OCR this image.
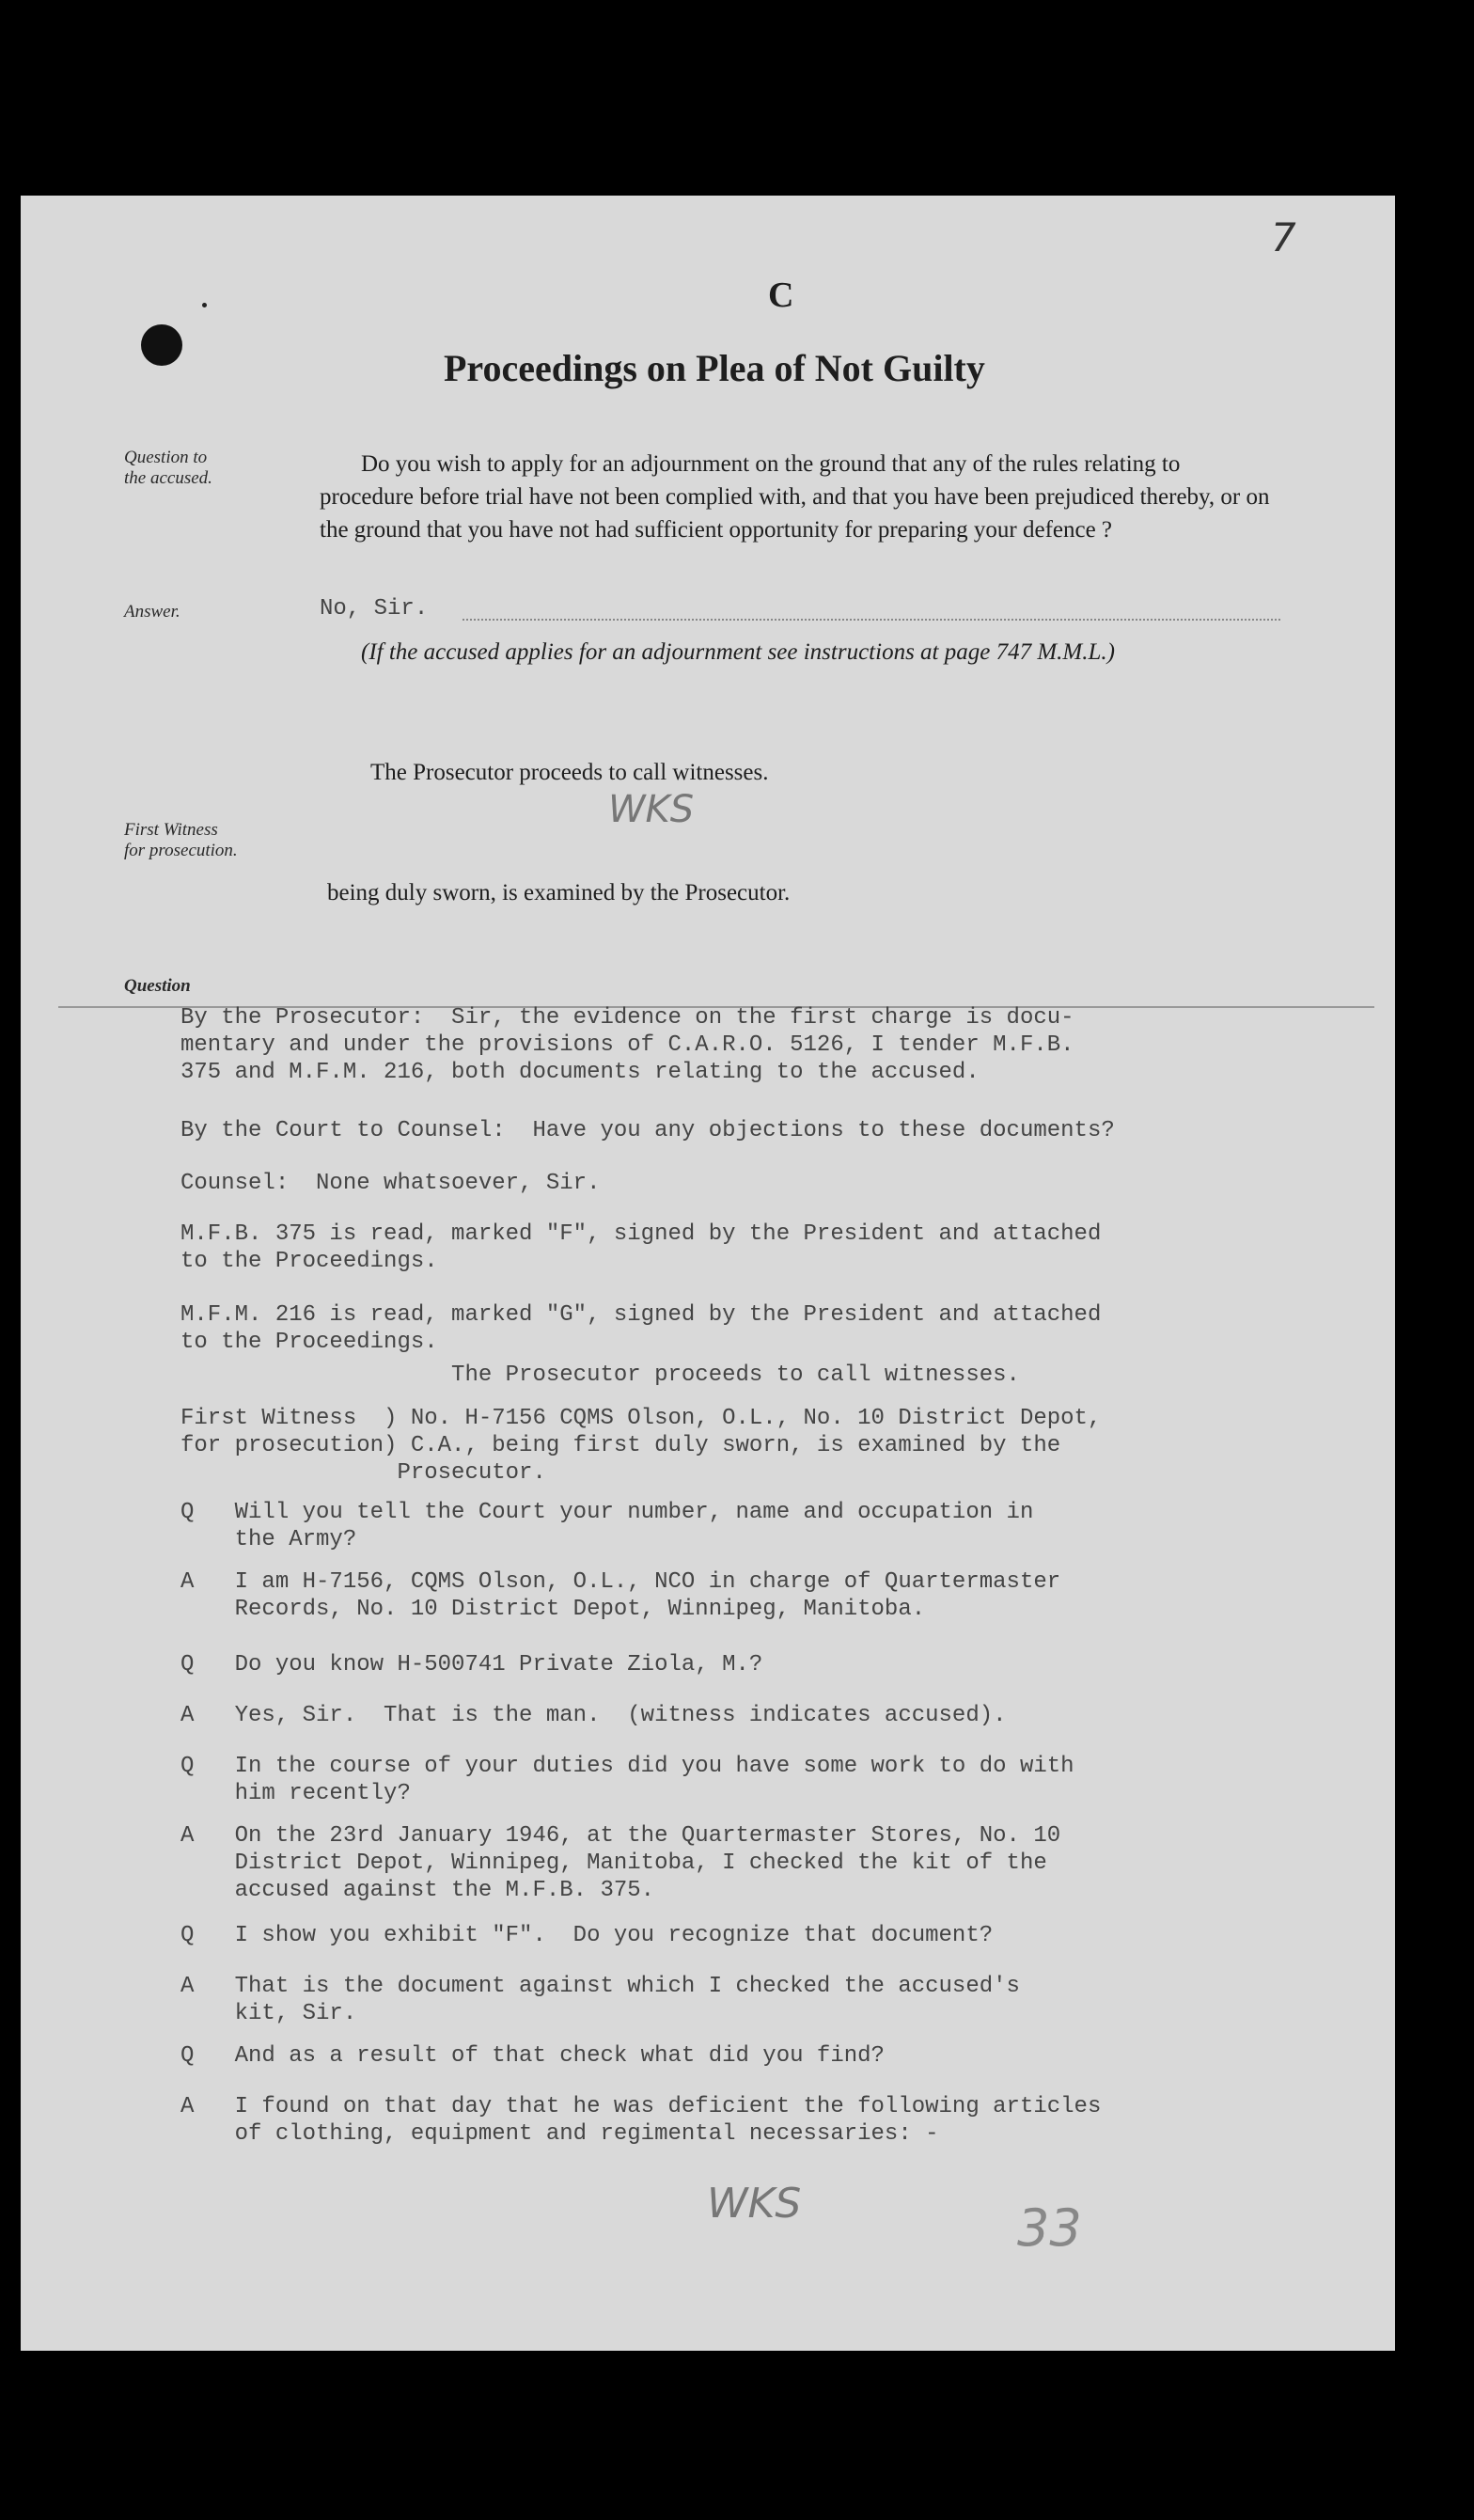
7
C
Proceedings on Plea of Not Guilty
Question to
the accused.
Answer.
First Witness
for prosecution.
Question
Do you wish to apply for an adjournment on the ground that any of the rules relating to procedure before trial have not been complied with, and that you have been prejudiced thereby, or on the ground that you have not had sufficient opportunity for preparing your defence ?
No, Sir.
(If the accused applies for an adjournment see instructions at page 747 M.M.L.)
The Prosecutor proceeds to call witnesses.
WKS
being duly sworn, is examined by the Prosecutor.
By the Prosecutor:  Sir, the evidence on the first charge is docu-
mentary and under the provisions of C.A.R.O. 5126, I tender M.F.B.
375 and M.F.M. 216, both documents relating to the accused.
By the Court to Counsel:  Have you any objections to these documents?
Counsel:  None whatsoever, Sir.
M.F.B. 375 is read, marked "F", signed by the President and attached
to the Proceedings.
M.F.M. 216 is read, marked "G", signed by the President and attached
to the Proceedings.
The Prosecutor proceeds to call witnesses.
First Witness  ) No. H-7156 CQMS Olson, O.L., No. 10 District Depot,
for prosecution) C.A., being first duly sworn, is examined by the
Prosecutor.
Q   Will you tell the Court your number, name and occupation in
the Army?
A   I am H-7156, CQMS Olson, O.L., NCO in charge of Quartermaster
Records, No. 10 District Depot, Winnipeg, Manitoba.
Q   Do you know H-500741 Private Ziola, M.?
A   Yes, Sir.  That is the man.  (witness indicates accused).
Q   In the course of your duties did you have some work to do with
him recently?
A   On the 23rd January 1946, at the Quartermaster Stores, No. 10
District Depot, Winnipeg, Manitoba, I checked the kit of the
accused against the M.F.B. 375.
Q   I show you exhibit "F".  Do you recognize that document?
A   That is the document against which I checked the accused's
kit, Sir.
Q   And as a result of that check what did you find?
A   I found on that day that he was deficient the following articles
of clothing, equipment and regimental necessaries: -
WKS	33
